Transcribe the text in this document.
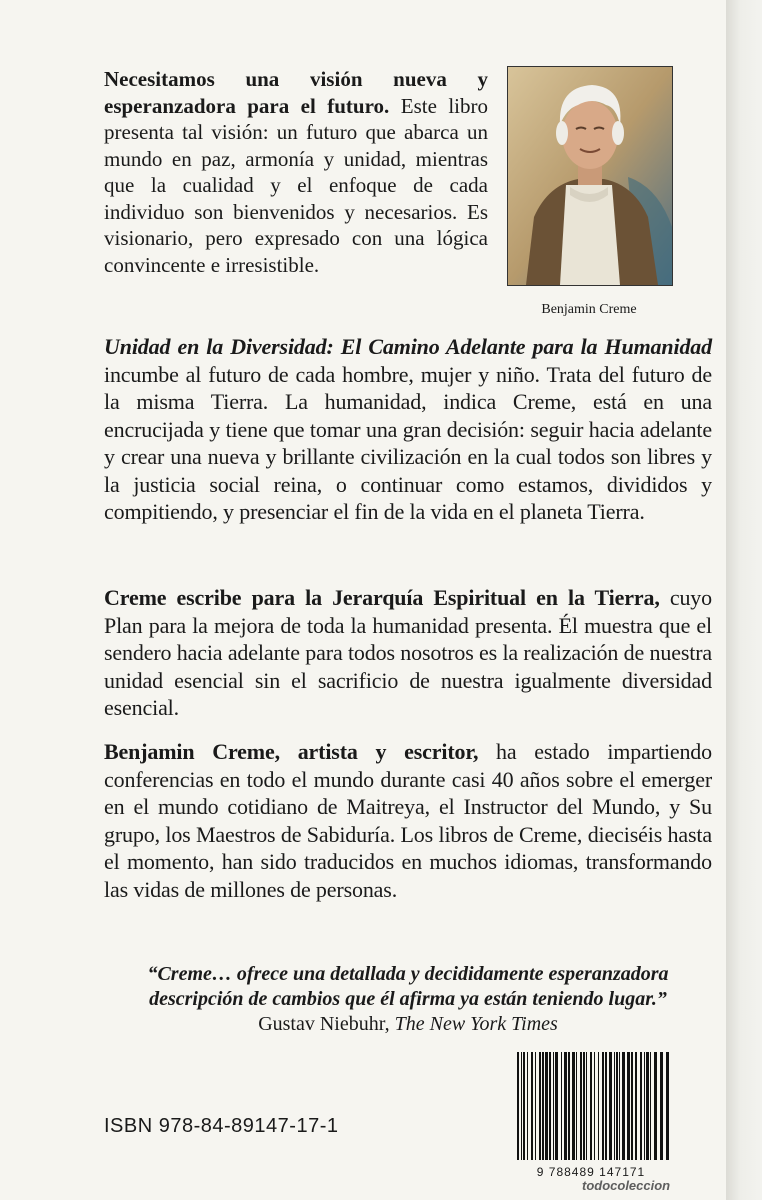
Necesitamos una visión nueva y esperanzadora para el futuro. Este libro presenta tal visión: un futuro que abarca un mundo en paz, armonía y unidad, mientras que la cualidad y el enfoque de cada individuo son bienvenidos y necesarios. Es visionario, pero expresado con una lógica convincente e irresistible.

Benjamin Creme

Unidad en la Diversidad: El Camino Adelante para la Humanidad incumbe al futuro de cada hombre, mujer y niño. Trata del futuro de la misma Tierra. La humanidad, indica Creme, está en una encrucijada y tiene que tomar una gran decisión: seguir hacia adelante y crear una nueva y brillante civilización en la cual todos son libres y la justicia social reina, o continuar como estamos, divididos y compitiendo, y presenciar el fin de la vida en el planeta Tierra.

Creme escribe para la Jerarquía Espiritual en la Tierra, cuyo Plan para la mejora de toda la humanidad presenta. Él muestra que el sendero hacia adelante para todos nosotros es la realización de nuestra unidad esencial sin el sacrificio de nuestra igualmente diversidad esencial.

Benjamin Creme, artista y escritor, ha estado impartiendo conferencias en todo el mundo durante casi 40 años sobre el emerger en el mundo cotidiano de Maitreya, el Instructor del Mundo, y Su grupo, los Maestros de Sabiduría. Los libros de Creme, dieciséis hasta el momento, han sido traducidos en muchos idiomas, transformando las vidas de millones de personas.

“Creme… ofrece una detallada y decididamente esperanzadora descripción de cambios que él afirma ya están teniendo lugar.”

Gustav Niebuhr, The New York Times

ISBN 978-84-89147-17-1

9 788489 147171

todocoleccion
